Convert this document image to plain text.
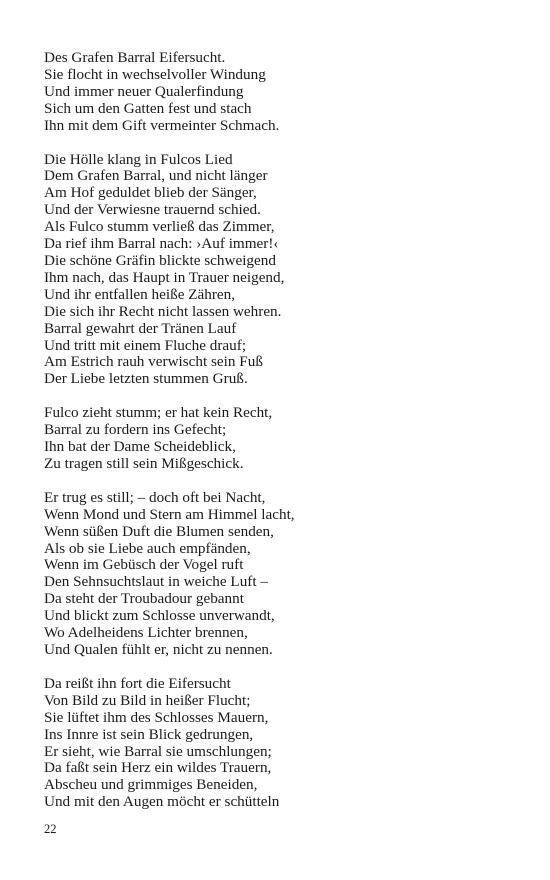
Des Grafen Barral Eifersucht.
Sie flocht in wechselvoller Windung
Und immer neuer Qualerfindung
Sich um den Gatten fest und stach
Ihn mit dem Gift vermeinter Schmach.
Die Hölle klang in Fulcos Lied
Dem Grafen Barral, und nicht länger
Am Hof geduldet blieb der Sänger,
Und der Verwiesne trauernd schied.
Als Fulco stumm verließ das Zimmer,
Da rief ihm Barral nach: ›Auf immer!‹
Die schöne Gräfin blickte schweigend
Ihm nach, das Haupt in Trauer neigend,
Und ihr entfallen heiße Zähren,
Die sich ihr Recht nicht lassen wehren.
Barral gewahrt der Tränen Lauf
Und tritt mit einem Fluche drauf;
Am Estrich rauh verwischt sein Fuß
Der Liebe letzten stummen Gruß.
Fulco zieht stumm; er hat kein Recht,
Barral zu fordern ins Gefecht;
Ihn bat der Dame Scheideblick,
Zu tragen still sein Mißgeschick.
Er trug es still; – doch oft bei Nacht,
Wenn Mond und Stern am Himmel lacht,
Wenn süßen Duft die Blumen senden,
Als ob sie Liebe auch empfänden,
Wenn im Gebüsch der Vogel ruft
Den Sehnsuchtslaut in weiche Luft –
Da steht der Troubadour gebannt
Und blickt zum Schlosse unverwandt,
Wo Adelheidens Lichter brennen,
Und Qualen fühlt er, nicht zu nennen.
Da reißt ihn fort die Eifersucht
Von Bild zu Bild in heißer Flucht;
Sie lüftet ihm des Schlosses Mauern,
Ins Innre ist sein Blick gedrungen,
Er sieht, wie Barral sie umschlungen;
Da faßt sein Herz ein wildes Trauern,
Abscheu und grimmiges Beneiden,
Und mit den Augen möcht er schütteln
22
